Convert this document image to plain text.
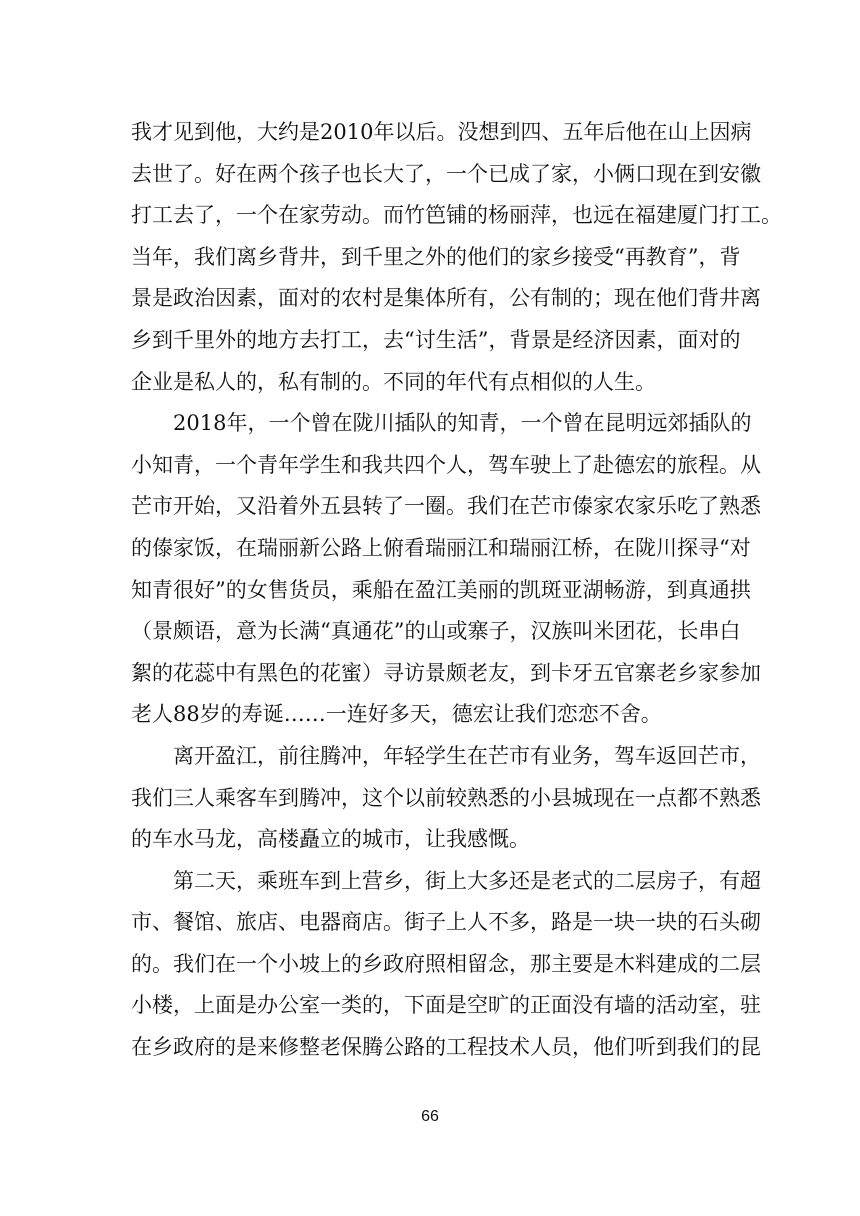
我才见到他，大约是2010年以后。没想到四、五年后他在山上因病
去世了。好在两个孩子也长大了，一个已成了家，小俩口现在到安徽
打工去了，一个在家劳动。而竹笆铺的杨丽萍，也远在福建厦门打工。
当年，我们离乡背井，到千里之外的他们的家乡接受“再教育”，背
景是政治因素，面对的农村是集体所有，公有制的；现在他们背井离
乡到千里外的地方去打工，去“讨生活”，背景是经济因素，面对的
企业是私人的，私有制的。不同的年代有点相似的人生。
2018年，一个曾在陇川插队的知青，一个曾在昆明远郊插队的
小知青，一个青年学生和我共四个人，驾车驶上了赴德宏的旅程。从
芒市开始，又沿着外五县转了一圈。我们在芒市傣家农家乐吃了熟悉
的傣家饭，在瑞丽新公路上俯看瑞丽江和瑞丽江桥，在陇川探寻“对
知青很好”的女售货员，乘船在盈江美丽的凯斑亚湖畅游，到真通拱
（景颇语，意为长满“真通花”的山或寨子，汉族叫米团花，长串白
絮的花蕊中有黑色的花蜜）寻访景颇老友，到卡牙五官寨老乡家参加
老人88岁的寿诞……一连好多天，德宏让我们恋恋不舍。
离开盈江，前往腾冲，年轻学生在芒市有业务，驾车返回芒市，
我们三人乘客车到腾冲，这个以前较熟悉的小县城现在一点都不熟悉
的车水马龙，高楼矗立的城市，让我感慨。
第二天，乘班车到上营乡，街上大多还是老式的二层房子，有超
市、餐馆、旅店、电器商店。街子上人不多，路是一块一块的石头砌
的。我们在一个小坡上的乡政府照相留念，那主要是木料建成的二层
小楼，上面是办公室一类的，下面是空旷的正面没有墙的活动室，驻
在乡政府的是来修整老保腾公路的工程技术人员，他们听到我们的昆
66
